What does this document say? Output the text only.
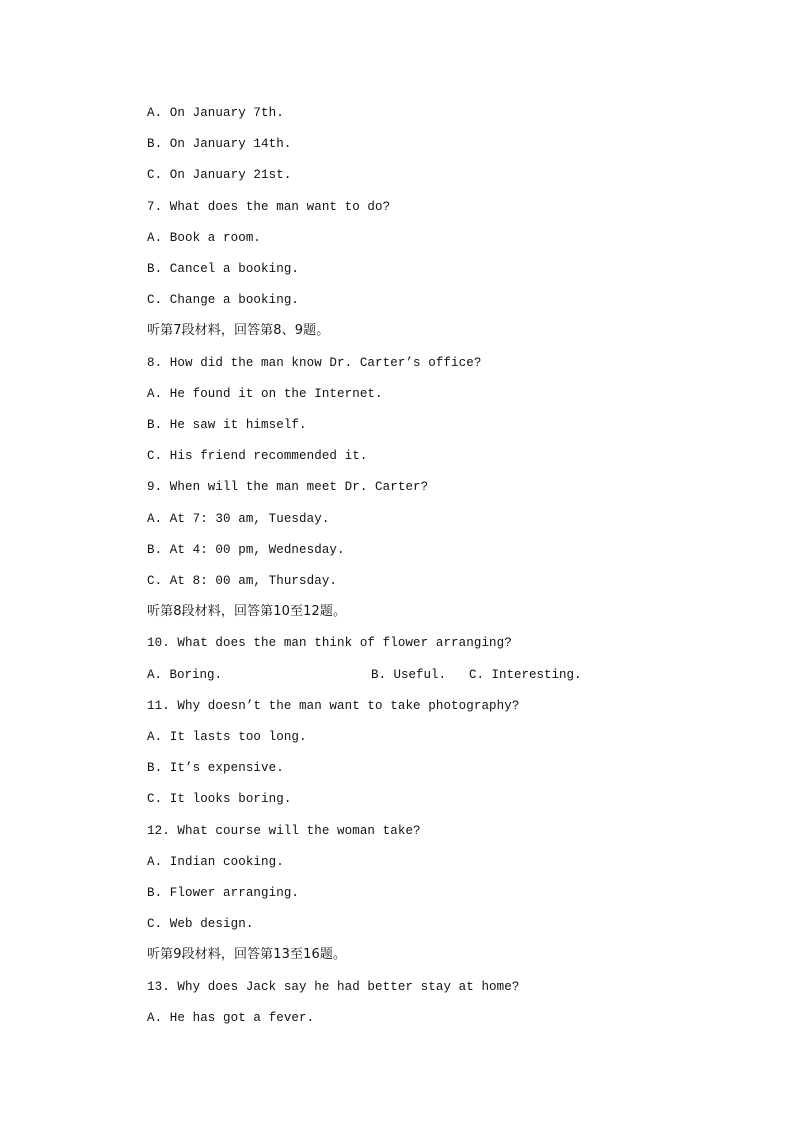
A. On January 7th.
B. On January 14th.
C. On January 21st.
7. What does the man want to do?
A. Book a room.
B. Cancel a booking.
C. Change a booking.
听第7段材料，回答第8、9题。
8. How did the man know Dr. Carter’s office?
A. He found it on the Internet.
B. He saw it himself.
C. His friend recommended it.
9. When will the man meet Dr. Carter?
A. At 7: 30 am, Tuesday.
B. At 4: 00 pm, Wednesday.
C. At 8: 00 am, Thursday.
听第8段材料，回答第10至12题。
10. What does the man think of flower arranging?
A. Boring.	B. Useful. C. Interesting.
11. Why doesn’t the man want to take photography?
A. It lasts too long.
B. It’s expensive.
C. It looks boring.
12. What course will the woman take?
A. Indian cooking.
B. Flower arranging.
C. Web design.
听第9段材料，回答第13至16题。
13. Why does Jack say he had better stay at home?
A. He has got a fever.
